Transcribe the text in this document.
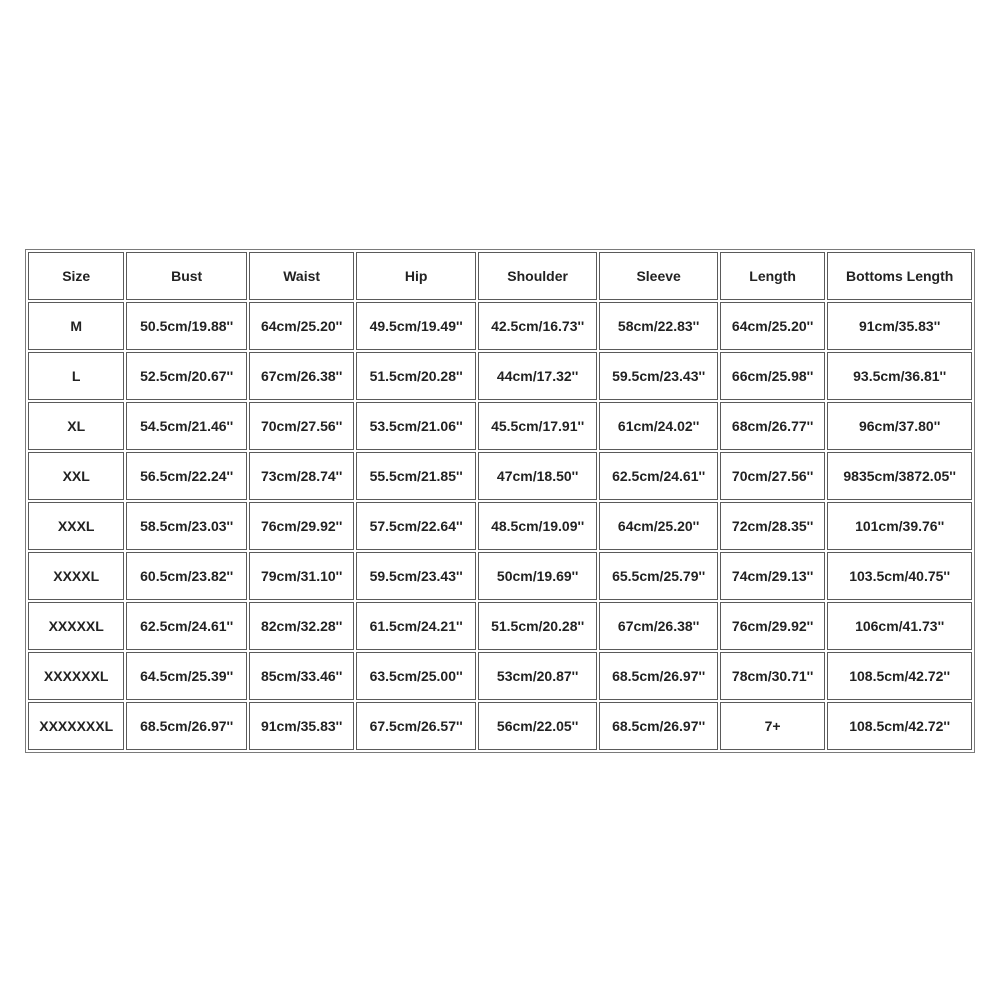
Size	Bust	Waist	Hip	Shoulder	Sleeve	Length	Bottoms Length
M	50.5cm/19.88''	64cm/25.20''	49.5cm/19.49''	42.5cm/16.73''	58cm/22.83''	64cm/25.20''	91cm/35.83''
L	52.5cm/20.67''	67cm/26.38''	51.5cm/20.28''	44cm/17.32''	59.5cm/23.43''	66cm/25.98''	93.5cm/36.81''
XL	54.5cm/21.46''	70cm/27.56''	53.5cm/21.06''	45.5cm/17.91''	61cm/24.02''	68cm/26.77''	96cm/37.80''
XXL	56.5cm/22.24''	73cm/28.74''	55.5cm/21.85''	47cm/18.50''	62.5cm/24.61''	70cm/27.56''	9835cm/3872.05''
XXXL	58.5cm/23.03''	76cm/29.92''	57.5cm/22.64''	48.5cm/19.09''	64cm/25.20''	72cm/28.35''	101cm/39.76''
XXXXL	60.5cm/23.82''	79cm/31.10''	59.5cm/23.43''	50cm/19.69''	65.5cm/25.79''	74cm/29.13''	103.5cm/40.75''
XXXXXL	62.5cm/24.61''	82cm/32.28''	61.5cm/24.21''	51.5cm/20.28''	67cm/26.38''	76cm/29.92''	106cm/41.73''
XXXXXXL	64.5cm/25.39''	85cm/33.46''	63.5cm/25.00''	53cm/20.87''	68.5cm/26.97''	78cm/30.71''	108.5cm/42.72''
XXXXXXXL	68.5cm/26.97''	91cm/35.83''	67.5cm/26.57''	56cm/22.05''	68.5cm/26.97''	7+	108.5cm/42.72''
